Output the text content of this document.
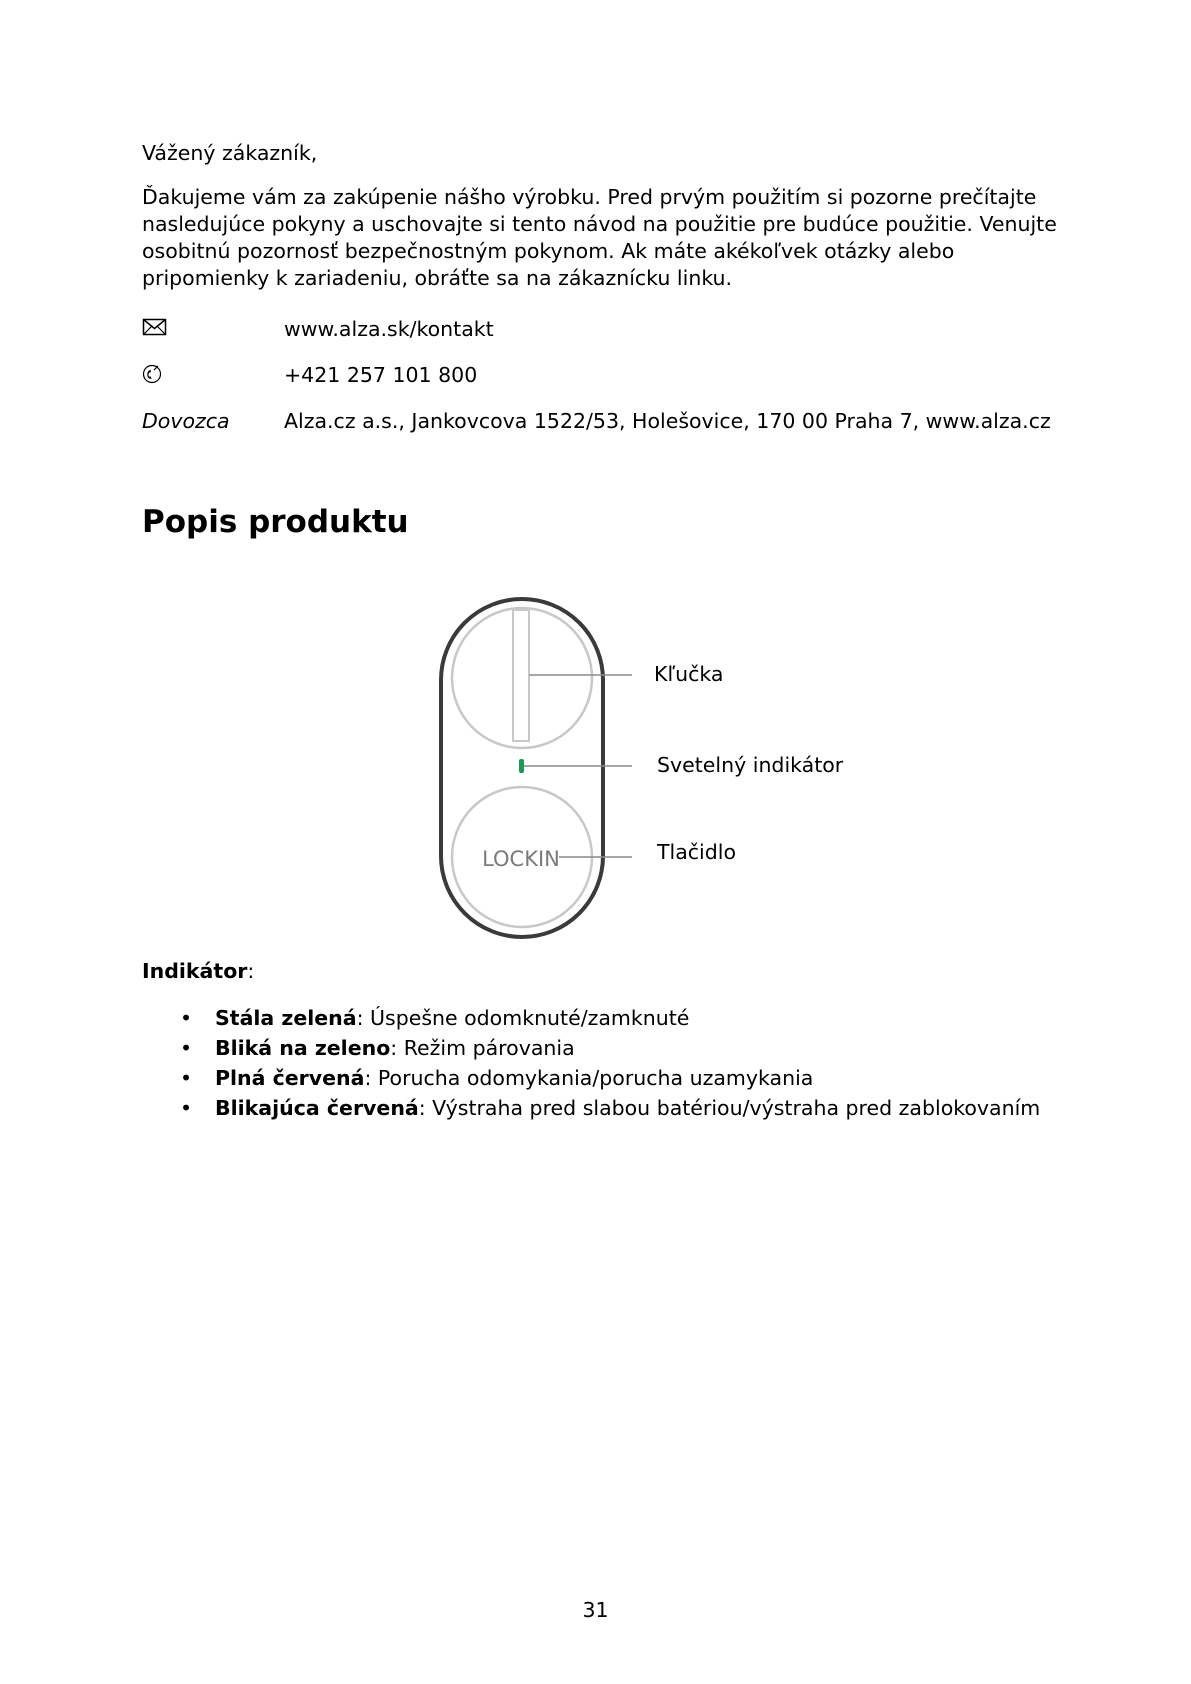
Vážený zákazník,

Ďakujeme vám za zakúpenie nášho výrobku. Pred prvým použitím si pozorne prečítajte

nasledujúce pokyny a uschovajte si tento návod na použitie pre budúce použitie. Venujte

osobitnú pozornosť bezpečnostným pokynom. Ak máte akékoľvek otázky alebo

pripomienky k zariadeniu, obráťte sa na zákaznícku linku.

www.alza.sk/kontakt
+421 257 101 800
Dovozca	Alza.cz a.s., Jankovcova 1522/53, Holešovice, 170 00 Praha 7, www.alza.cz
Popis produktu
LOCKIN
Kľučka
Svetelný indikátor
Tlačidlo
Indikátor:
• Stála zelená: Úspešne odomknuté/zamknuté
• Bliká na zeleno: Režim párovania
• Plná červená: Porucha odomykania/porucha uzamykania
• Blikajúca červená: Výstraha pred slabou batériou/výstraha pred zablokovaním
31
